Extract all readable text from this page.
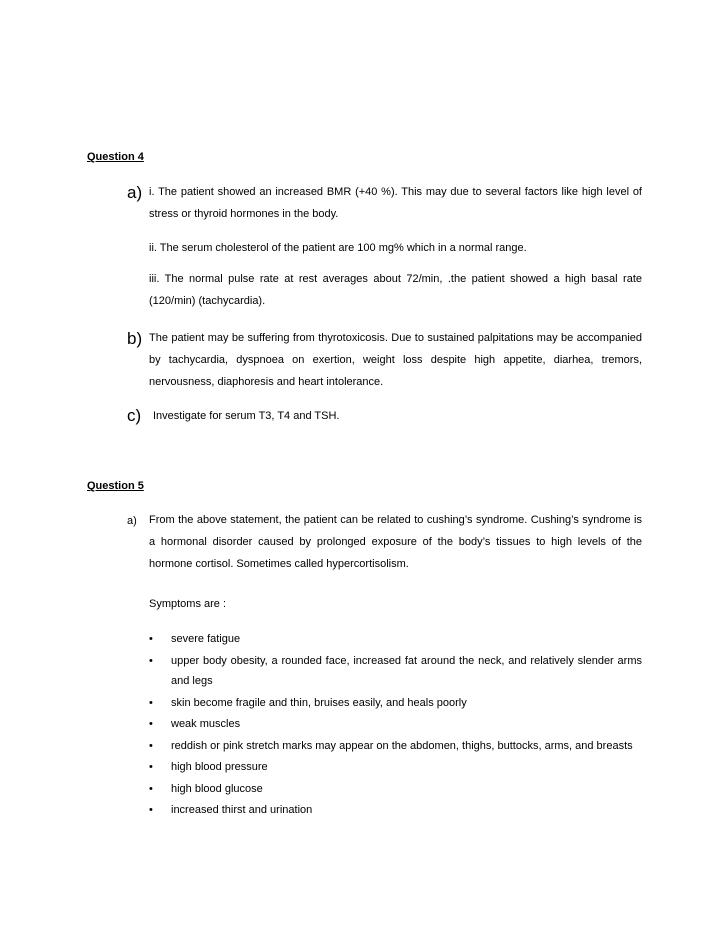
Question 4

a) i. The patient showed an increased BMR (+40 %). This may due to several factors like high level of stress or thyroid hormones in the body.

ii. The serum cholesterol of the patient are 100 mg% which in a normal range.

iii. The normal pulse rate at rest averages about 72/min, .the patient showed a high basal rate (120/min) (tachycardia).

b) The patient may be suffering from thyrotoxicosis. Due to sustained palpitations may be accompanied by tachycardia, dyspnoea on exertion, weight loss despite high appetite, diarhea, tremors, nervousness, diaphoresis and heart intolerance.

c) Investigate for serum T3, T4 and TSH.

Question 5

a) From the above statement, the patient can be related to cushing’s syndrome. Cushing’s syndrome is a hormonal disorder caused by prolonged exposure of the body’s tissues to high levels of the hormone cortisol. Sometimes called hypercortisolism.

Symptoms are :

• severe fatigue
• upper body obesity, a rounded face, increased fat around the neck, and relatively slender arms and legs
• skin become fragile and thin, bruises easily, and heals poorly
• weak muscles
• reddish or pink stretch marks may appear on the abdomen, thighs, buttocks, arms, and breasts
• high blood pressure
• high blood glucose
• increased thirst and urination
